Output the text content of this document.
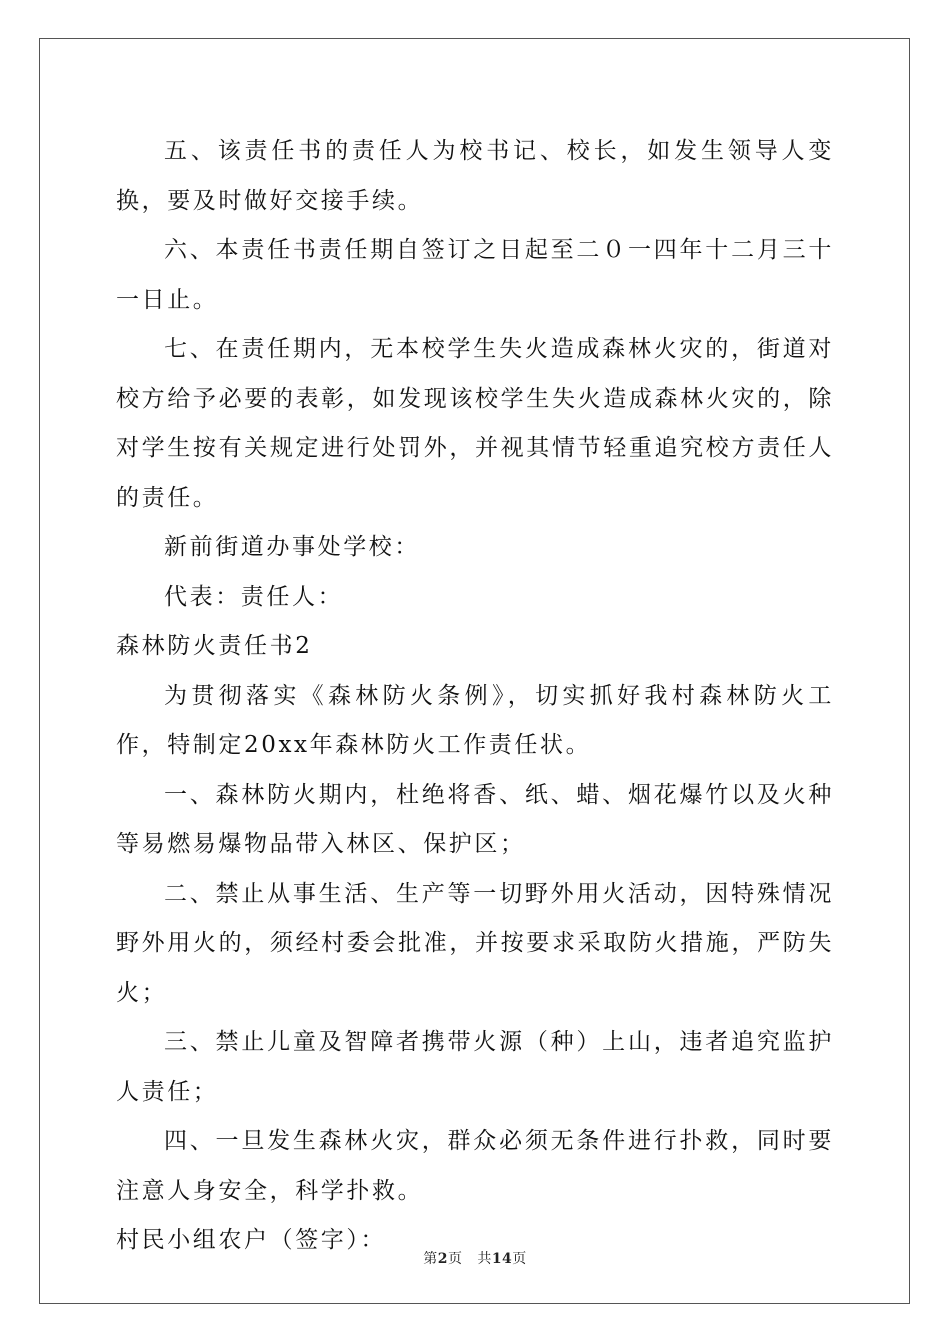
五、该责任书的责任人为校书记、校长，如发生领导人变换，要及时做好交接手续。

六、本责任书责任期自签订之日起至二０一四年十二月三十一日止。

七、在责任期内，无本校学生失火造成森林火灾的，街道对校方给予必要的表彰，如发现该校学生失火造成森林火灾的，除对学生按有关规定进行处罚外，并视其情节轻重追究校方责任人的责任。

新前街道办事处学校：

代表：责任人：

森林防火责任书2

为贯彻落实《森林防火条例》，切实抓好我村森林防火工作，特制定20xx年森林防火工作责任状。

一、森林防火期内，杜绝将香、纸、蜡、烟花爆竹以及火种等易燃易爆物品带入林区、保护区；

二、禁止从事生活、生产等一切野外用火活动，因特殊情况野外用火的，须经村委会批准，并按要求采取防火措施，严防失火；

三、禁止儿童及智障者携带火源（种）上山，违者追究监护人责任；

四、一旦发生森林火灾，群众必须无条件进行扑救，同时要注意人身安全，科学扑救。

村民小组农户（签字）：

第2页 共14页
